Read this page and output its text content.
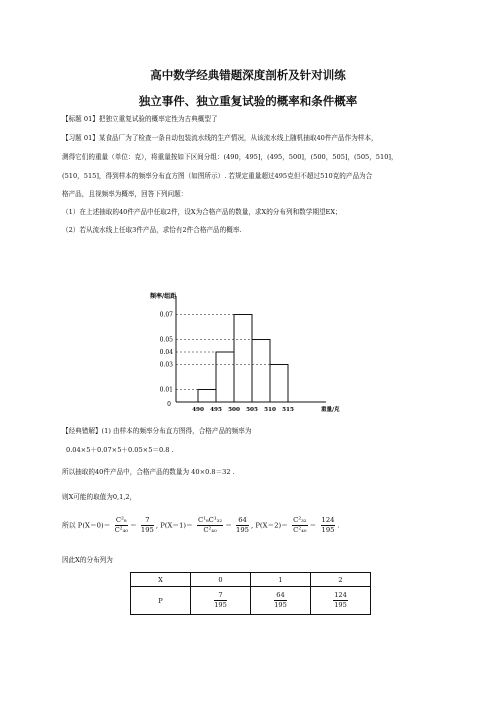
高中数学经典错题深度剖析及针对训练
独立事件、独立重复试验的概率和条件概率
【标题 01】把独立重复试验的概率定性为古典概型了
【习题 01】某食品厂为了检查一条自动包装流水线的生产情况，从该流水线上随机抽取40件产品作为样本，
测得它们的重量（单位：克），将重量按如下区间分组：(490，495]，(495，500]，(500，505]，(505，510]，
(510，515]，得到样本的频率分布直方图（如图所示）. 若规定重量超过495克但不超过510克的产品为合
格产品，且视频率为概率，回答下列问题：
（1）在上述抽取的40件产品中任取2件，设X为合格产品的数量，求X的分布列和数学期望EX；
（2）若从流水线上任取3件产品，求恰有2件合格产品的概率.
频率/组距
0.07
0.05
0.04
0.03
0.01
0
490 495 500 505 510 515	重量/克
【经典错解】(1) 由样本的频率分布直方图得，合格产品的频率为
0.04×5＋0.07×5＋0.05×5＝0.8 .
所以抽取的40件产品中，合格产品的数量为 40×0.8＝32 .
则X可能的取值为0,1,2，
所以 $P(X=0)= \frac{\text{C²₈}}{\text{C²₄₀}} = \frac{7}{195}$ , $P(X=1)= \frac{\text{C¹₈C¹₃₂}}{\text{C²₄₀}} = \frac{64}{195}$ , $P(X=2)= \frac{\text{C²₃₂}}{\text{C²₄₀}} = \frac{124}{195}$ .
因此X的分布列为
X	0	1	2
P	$\frac{7}{195}$	$\frac{64}{195}$	$\frac{124}{195}$
